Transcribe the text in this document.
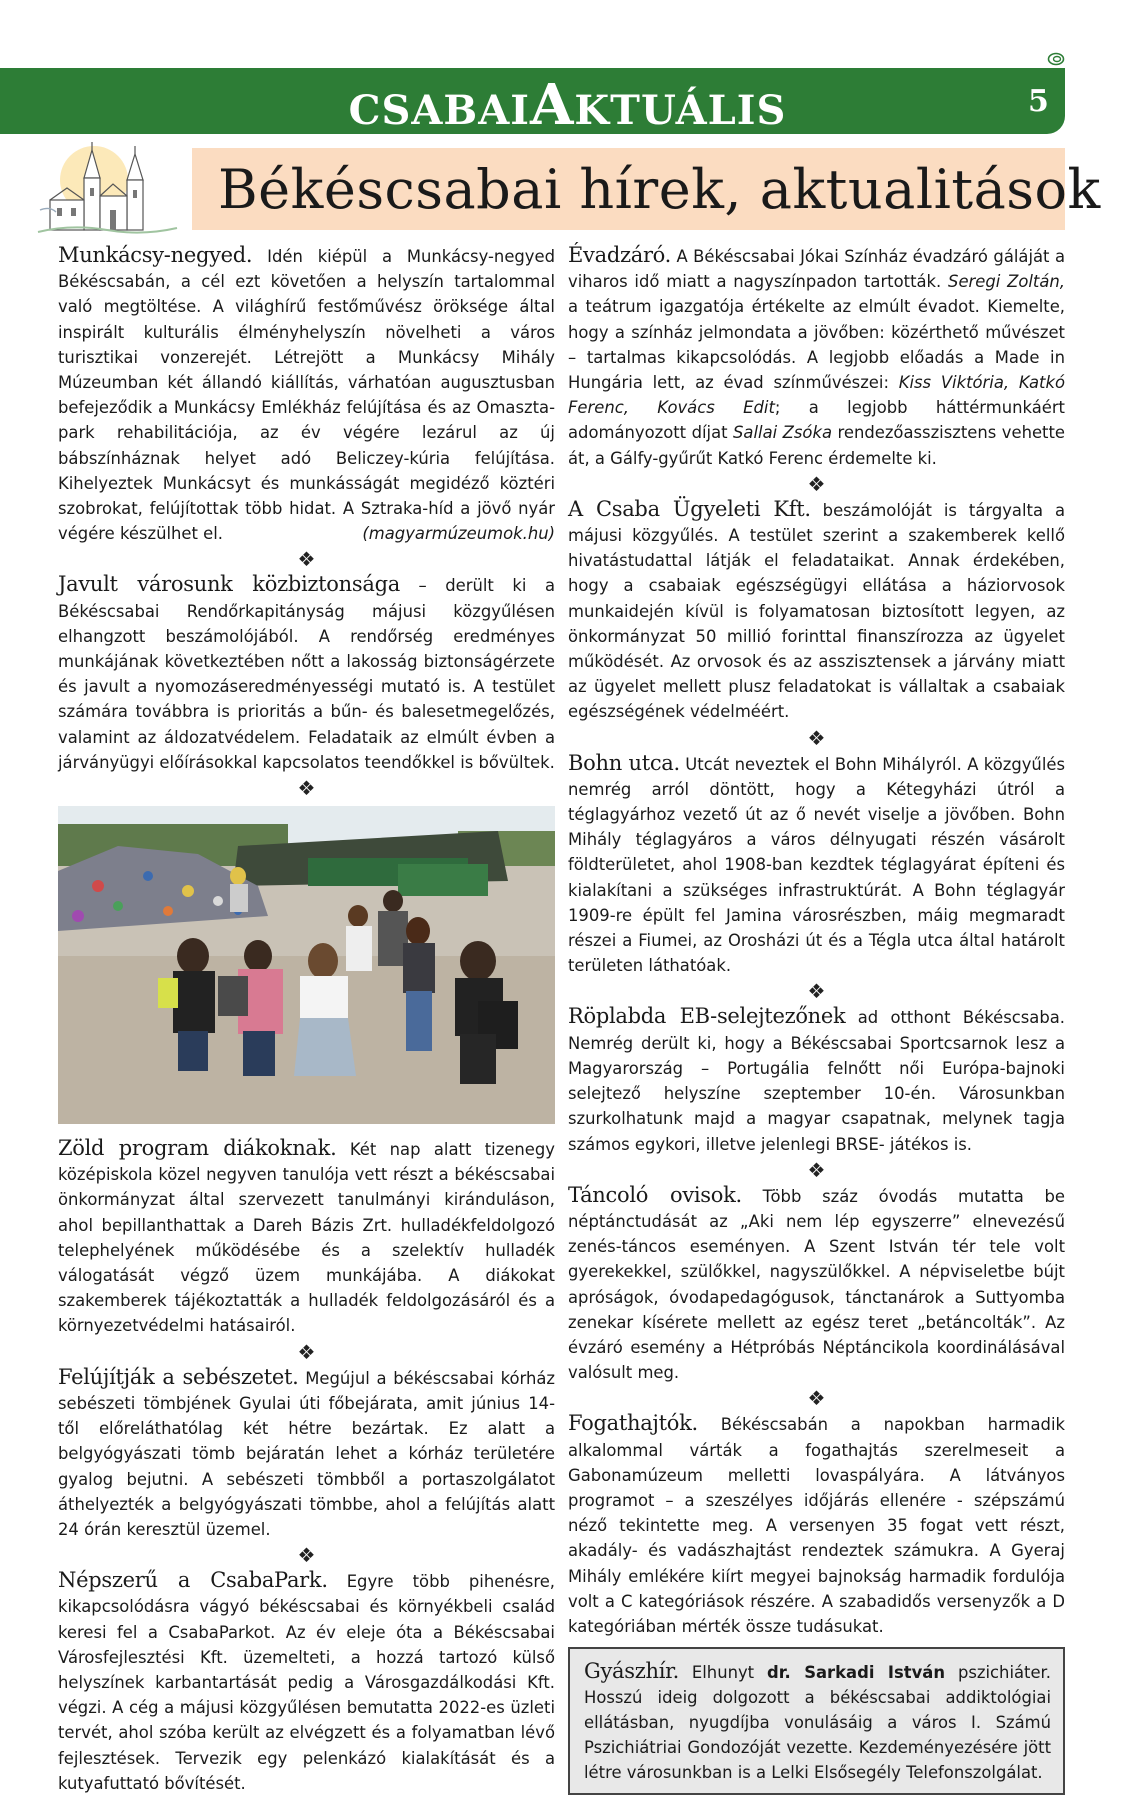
CSABAIAKTUÁLIS	5
Békéscsabai hírek, aktualitások
Munkácsy-negyed. Idén kiépül a Munkácsy-negyed Békéscsabán, a cél ezt követően a helyszín tartalommal való megtöltése. A világhírű festőművész öröksége által inspirált kulturális élményhelyszín növelheti a város turisztikai vonzerejét. Létrejött a Munkácsy Mihály Múzeumban két állandó kiállítás, várhatóan augusztusban befejeződik a Munkácsy Emlékház felújítása és az Omaszta-park rehabilitációja, az év végére lezárul az új bábszínháznak helyet adó Beliczey-kúria felújítása. Kihelyeztek Munkácsyt és munkásságát megidéző köztéri szobrokat, felújítottak több hidat. A Sztraka-híd a jövő nyár végére készülhet el.	(magyarmúzeumok.hu)
❖
Javult városunk közbiztonsága – derült ki a Békéscsabai Rendőrkapitányság májusi közgyűlésen elhangzott beszámolójából. A rendőrség eredményes munkájának következtében nőtt a lakosság biztonságérzete és javult a nyomozáseredményességi mutató is. A testület számára továbbra is prioritás a bűn- és balesetmegelőzés, valamint az áldozatvédelem. Feladataik az elmúlt évben a járványügyi előírásokkal kapcsolatos teendőkkel is bővültek.
❖
Zöld program diákoknak. Két nap alatt tizenegy középiskola közel negyven tanulója vett részt a békéscsabai önkormányzat által szervezett tanulmányi kiránduláson, ahol bepillanthattak a Dareh Bázis Zrt. hulladékfeldolgozó telephelyének működésébe és a szelektív hulladék válogatását végző üzem munkájába. A diákokat szakemberek tájékoztatták a hulladék feldolgozásáról és a környezetvédelmi hatásairól.
❖
Felújítják a sebészetet. Megújul a békéscsabai kórház sebészeti tömbjének Gyulai úti főbejárata, amit június 14-től előreláthatólag két hétre bezártak. Ez alatt a belgyógyászati tömb bejáratán lehet a kórház területére gyalog bejutni. A sebészeti tömbből a portaszolgálatot áthelyezték a belgyógyászati tömbbe, ahol a felújítás alatt 24 órán keresztül üzemel.
❖
Népszerű a CsabaPark. Egyre több pihenésre, kikapcsolódásra vágyó békéscsabai és környékbeli család keresi fel a CsabaParkot. Az év eleje óta a Békéscsabai Városfejlesztési Kft. üzemelteti, a hozzá tartozó külső helyszínek karbantartását pedig a Városgazdálkodási Kft. végzi. A cég a májusi közgyűlésen bemutatta 2022-es üzleti tervét, ahol szóba került az elvégzett és a folyamatban lévő fejlesztések. Tervezik egy pelenkázó kialakítását és a kutyafuttató bővítését.
Évadzáró. A Békéscsabai Jókai Színház évadzáró gáláját a viharos idő miatt a nagyszínpadon tartották. Seregi Zoltán, a teátrum igazgatója értékelte az elmúlt évadot. Kiemelte, hogy a színház jelmondata a jövőben: közérthető művészet – tartalmas kikapcsolódás. A legjobb előadás a Made in Hungária lett, az évad színművészei: Kiss Viktória, Katkó Ferenc, Kovács Edit; a legjobb háttérmunkáért adományozott díjat Sallai Zsóka rendezőasszisztens vehette át, a Gálfy-gyűrűt Katkó Ferenc érdemelte ki.
❖
A Csaba Ügyeleti Kft. beszámolóját is tárgyalta a májusi közgyűlés. A testület szerint a szakemberek kellő hivatástudattal látják el feladataikat. Annak érdekében, hogy a csabaiak egészségügyi ellátása a háziorvosok munkaidején kívül is folyamatosan biztosított legyen, az önkormányzat 50 millió forinttal finanszírozza az ügyelet működését. Az orvosok és az asszisztensek a járvány miatt az ügyelet mellett plusz feladatokat is vállaltak a csabaiak egészségének védelméért.
❖
Bohn utca. Utcát neveztek el Bohn Mihályról. A közgyűlés nemrég arról döntött, hogy a Kétegyházi útról a téglagyárhoz vezető út az ő nevét viselje a jövőben. Bohn Mihály téglagyáros a város délnyugati részén vásárolt földterületet, ahol 1908-ban kezdtek téglagyárat építeni és kialakítani a szükséges infrastruktúrát. A Bohn téglagyár 1909-re épült fel Jamina városrészben, máig megmaradt részei a Fiumei, az Orosházi út és a Tégla utca által határolt területen láthatóak.
❖
Röplabda EB-selejtezőnek ad otthont Békéscsaba. Nemrég derült ki, hogy a Békéscsabai Sportcsarnok lesz a Magyarország – Portugália felnőtt női Európa-bajnoki selejtező helyszíne szeptember 10-én. Városunkban szurkolhatunk majd a magyar csapatnak, melynek tagja számos egykori, illetve jelenlegi BRSE- játékos is.
❖
Táncoló ovisok. Több száz óvodás mutatta be néptánctudását az „Aki nem lép egyszerre” elnevezésű zenés-táncos eseményen. A Szent István tér tele volt gyerekekkel, szülőkkel, nagyszülőkkel. A népviseletbe bújt apróságok, óvodapedagógusok, tánctanárok a Suttyomba zenekar kísérete mellett az egész teret „betáncolták”. Az évzáró esemény a Hétpróbás Néptáncikola koordinálásával valósult meg.
❖
Fogathajtók. Békéscsabán a napokban harmadik alkalommal várták a fogathajtás szerelmeseit a Gabonamúzeum melletti lovaspályára. A látványos programot – a szeszélyes időjárás ellenére - szépszámú néző tekintette meg. A versenyen 35 fogat vett részt, akadály- és vadászhajtást rendeztek számukra. A Gyeraj Mihály emlékére kiírt megyei bajnokság harmadik fordulója volt a C kategóriások részére. A szabadidős versenyzők a D kategóriában mérték össze tudásukat.
Gyászhír. Elhunyt dr. Sarkadi István pszichiáter. Hosszú ideig dolgozott a békéscsabai addiktológiai ellátásban, nyugdíjba vonulásáig a város I. Számú Pszichiátriai Gondozóját vezette. Kezdeményezésére jött létre városunkban is a Lelki Elsősegély Telefonszolgálat.
